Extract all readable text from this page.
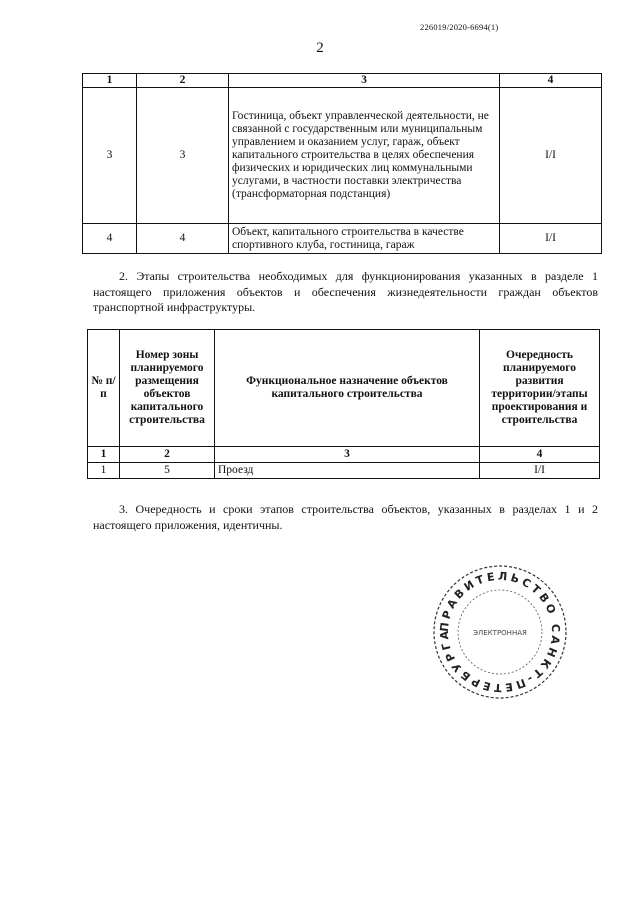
226019/2020-6694(1)
2
1	2	3	4
3	3	Гостиница, объект управленческой деятельности, не связанной с государственным или муниципальным управлением и оказанием услуг, гараж, объект капитального строительства в целях обеспечения физических и юридических лиц коммунальными услугами, в частности поставки электричества (трансформаторная подстанция)	I/I
4	4	Объект, капитального строительства в качестве спортивного клуба, гостиница, гараж	I/I
2. Этапы строительства необходимых для функционирования указанных в разделе 1 настоящего приложения объектов и обеспечения жизнедеятельности граждан объектов транспортной инфраструктуры.
№ п/п	Номер зоны планируемого размещения объектов капитального строительства	Функциональное назначение объектов капитального строительства	Очередность планируемого развития территории/этапы проектирования и строительства
1	2	3	4
1	5	Проезд	I/I
3. Очередность и сроки этапов строительства объектов, указанных в разделах 1 и 2 настоящего приложения, идентичны.
ПРАВИТЕЛЬСТВО САНКТ-ПЕТЕРБУРГА	ЭЛЕКТРОННАЯ
